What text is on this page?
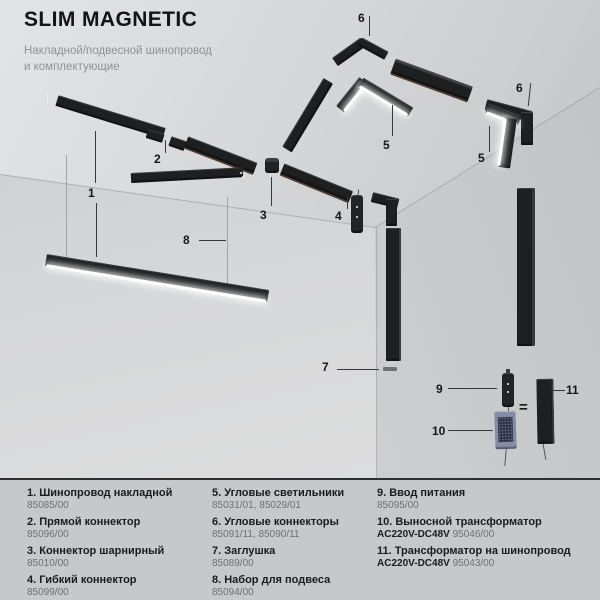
2
3	4
7
6
5
6
5
1
8
9
10
=
11
SLIM MAGNETIC
Накладной/подвесной шинопровод
и комплектующие
1. Шинопровод накладной
85085/00
2. Прямой коннектор
85096/00
3. Коннектор шарнирный
85010/00
4. Гибкий коннектор
85099/00
5. Угловые светильники
85031/01, 85029/01
6. Угловые коннекторы
85091/11, 85090/11
7. Заглушка
85089/00
8. Набор для подвеса
85094/00
9. Ввод питания
85095/00
10. Выносной трансформатор
AC220V-DC48V 95046/00
11. Трансформатор на шинопровод
AC220V-DC48V 95043/00
